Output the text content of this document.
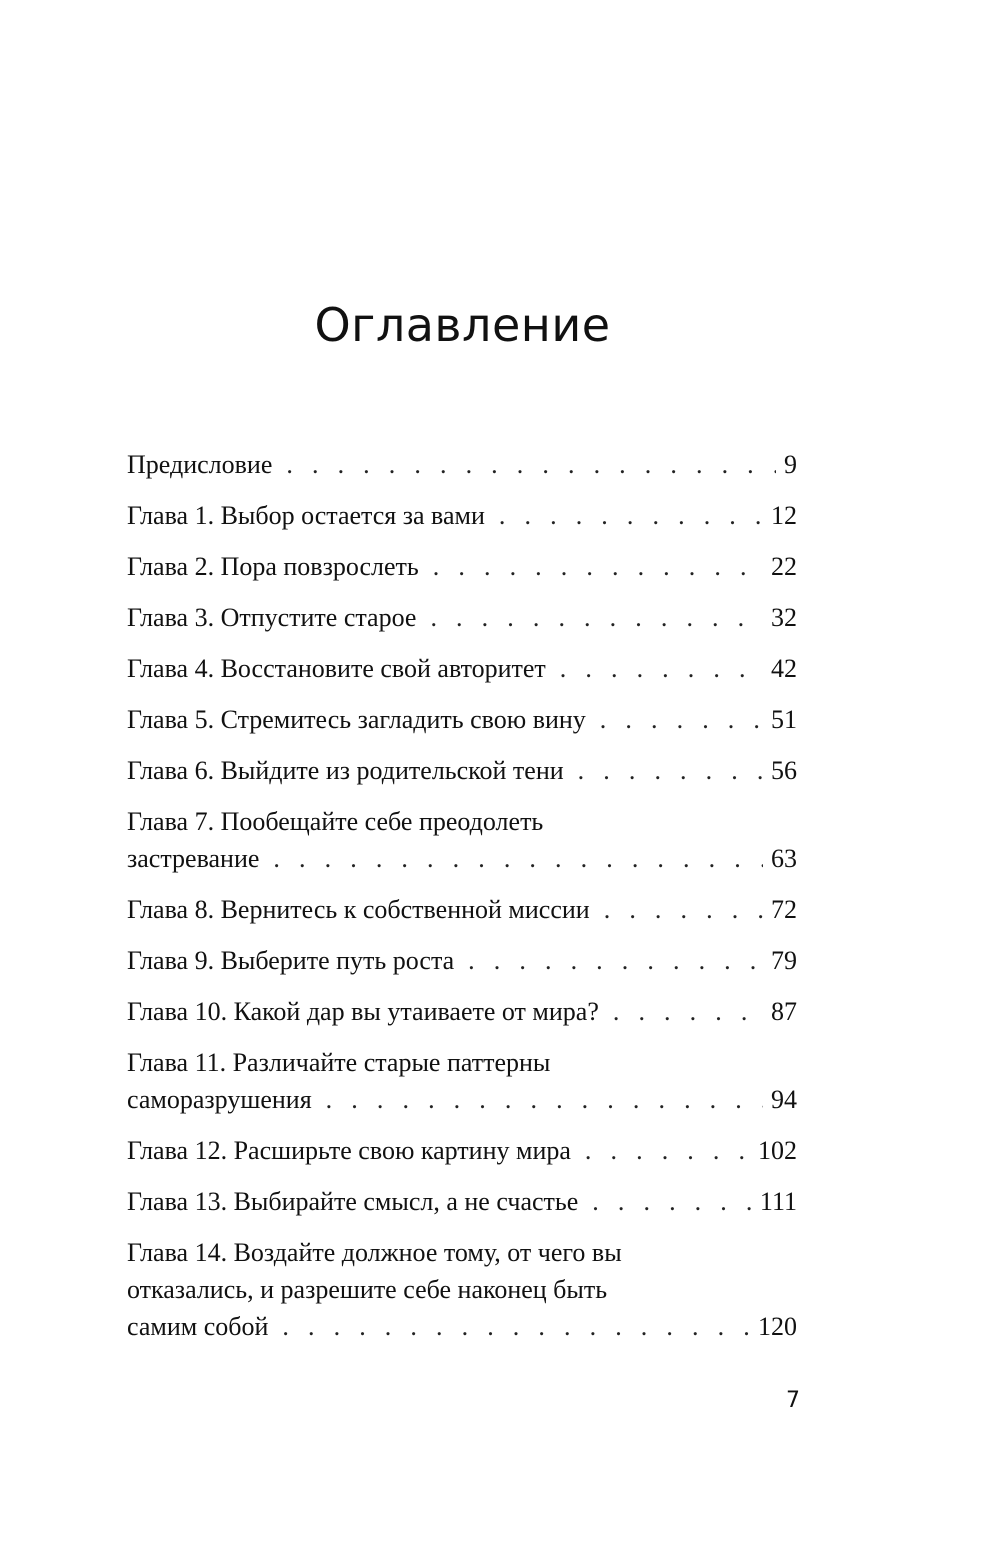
Оглавление
Предисловие . . .	9
Глава 1. Выбор остается за вами . . .	12
Глава 2. Пора повзрослеть . . .	22
Глава 3. Отпустите старое . . .	32
Глава 4. Восстановите свой авторитет . . .	42
Глава 5. Стремитесь загладить свою вину . . .	51
Глава 6. Выйдите из родительской тени . . .	56
Глава 7. Пообещайте себе преодолеть
застревание . . .	63
Глава 8. Вернитесь к собственной миссии . . .	72
Глава 9. Выберите путь роста . . .	79
Глава 10. Какой дар вы утаиваете от мира? . . .	87
Глава 11. Различайте старые паттерны
саморазрушения . . .	94
Глава 12. Расширьте свою картину мира . . .	102
Глава 13. Выбирайте смысл, а не счастье . . .	111
Глава 14. Воздайте должное тому, от чего вы
отказались, и разрешите себе наконец быть
самим собой . . .	120
7
